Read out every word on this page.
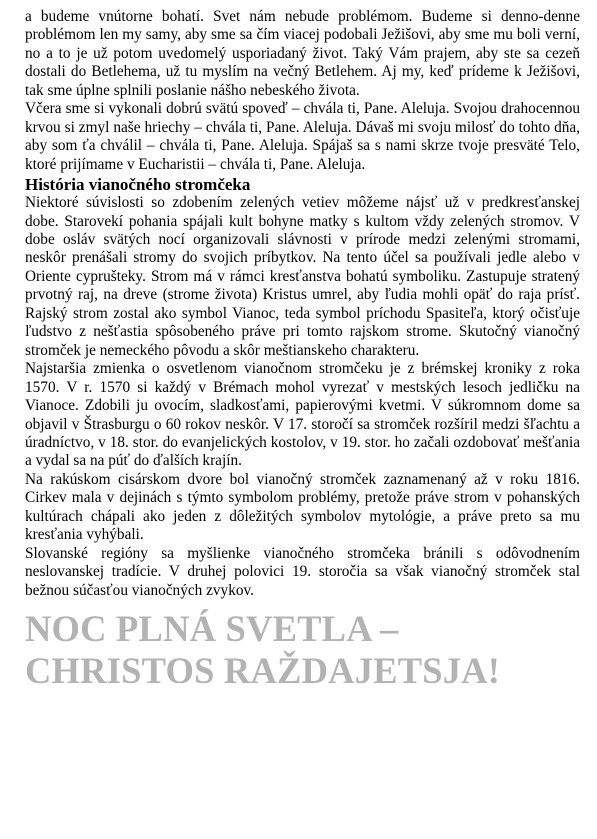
a budeme vnútorne bohatí. Svet nám nebude problémom. Budeme si denno-denne problémom len my samy, aby sme sa čím viacej podobali Ježišovi, aby sme mu boli verní, no a to je už potom uvedomelý usporiadaný život. Taký Vám prajem, aby ste sa cezeň dostali do Betlehema, už tu myslím na večný Betlehem. Aj my, keď prídeme k Ježišovi, tak sme úplne splnili poslanie nášho nebeského života.

Včera sme si vykonali dobrú svätú spoveď – chvála ti, Pane. Aleluja. Svojou drahocennou krvou si zmyl naše hriechy – chvála ti, Pane. Aleluja. Dávaš mi svoju milosť do tohto dňa, aby som ťa chválil – chvála ti, Pane. Aleluja. Spájaš sa s nami skrze tvoje presväté Telo, ktoré prijímame v Eucharistii – chvála ti, Pane. Aleluja.

História vianočného stromčeka

Niektoré súvislosti so zdobením zelených vetiev môžeme nájsť už v predkresťanskej dobe. Starovekí pohania spájali kult bohyne matky s kultom vždy zelených stromov. V dobe osláv svätých nocí organizovali slávnosti v prírode medzi zelenými stromami, neskôr prenášali stromy do svojich príbytkov. Na tento účel sa používali jedle alebo v Oriente cyprušteky. Strom má v rámci kresťanstva bohatú symboliku. Zastupuje stratený prvotný raj, na dreve (strome života) Kristus umrel, aby ľudia mohli opäť do raja prísť. Rajský strom zostal ako symbol Vianoc, teda symbol príchodu Spasiteľa, ktorý očisťuje ľudstvo z nešťastia spôsobeného práve pri tomto rajskom strome. Skutočný vianočný stromček je nemeckého pôvodu a skôr meštianskeho charakteru.

Najstaršia zmienka o osvetlenom vianočnom stromčeku je z brémskej kroniky z roka 1570. V r. 1570 si každý v Brémach mohol vyrezať v mestských lesoch jedličku na Vianoce. Zdobili ju ovocím, sladkosťami, papierovými kvetmi. V súkromnom dome sa objavil v Štrasburgu o 60 rokov neskôr. V 17. storočí sa stromček rozšíril medzi šľachtu a úradníctvo, v 18. stor. do evanjelických kostolov, v 19. stor. ho začali ozdobovať mešťania a vydal sa na púť do ďalších krajín.

Na rakúskom cisárskom dvore bol vianočný stromček zaznamenaný až v roku 1816. Cirkev mala v dejinách s týmto symbolom problémy, pretože práve strom v pohanských kultúrach chápali ako jeden z dôležitých symbolov mytológie, a práve preto sa mu kresťania vyhýbali.

Slovanské regióny sa myšlienke vianočného stromčeka bránili s odôvodnením neslovanskej tradície. V druhej polovici 19. storočia sa však vianočný stromček stal bežnou súčasťou vianočných zvykov.

NOC PLNÁ SVETLA –
CHRISTOS RAŽDAJETSJA!
